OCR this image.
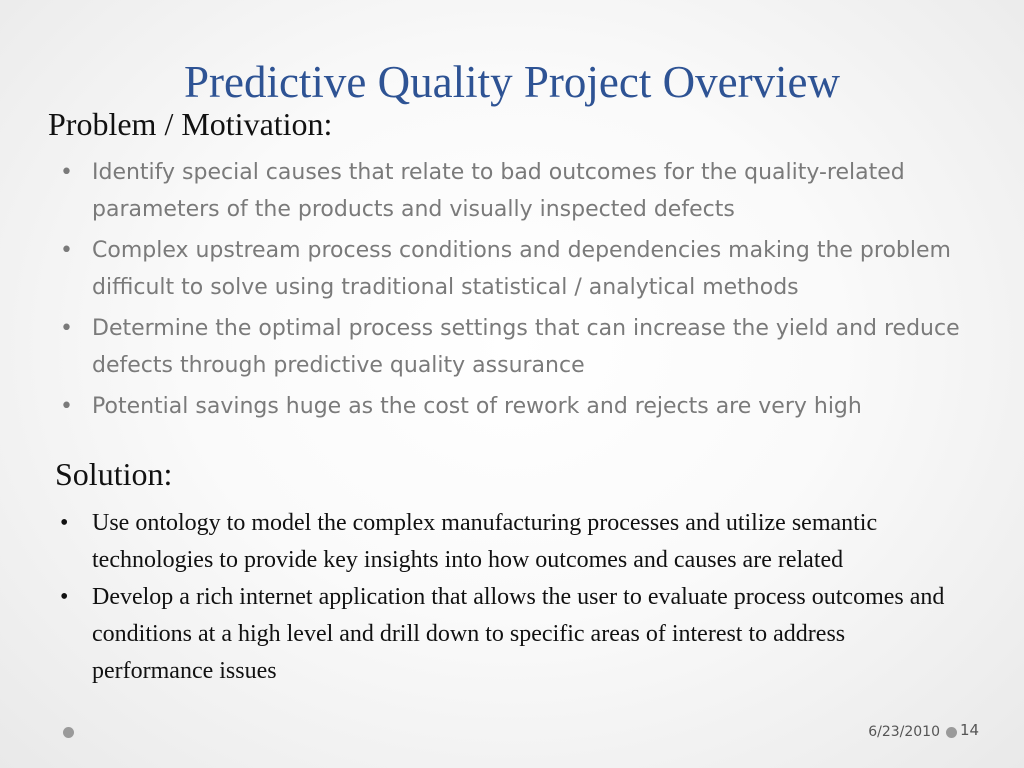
Predictive Quality Project Overview
Problem / Motivation:
• Identify special causes that relate to bad outcomes for the quality-related parameters of the products and visually inspected defects
• Complex upstream process conditions and dependencies making the problem difficult to solve using traditional statistical / analytical methods
• Determine the optimal process settings that can increase the yield and reduce defects through predictive quality assurance
• Potential savings huge as the cost of rework and rejects are very high
Solution:
• Use ontology to model the complex manufacturing processes and utilize semantic technologies to provide key insights into how outcomes and causes are related
• Develop a rich internet application that allows the user to evaluate process outcomes and conditions at a high level and drill down to specific areas of interest to address performance issues
6/23/2010 14
